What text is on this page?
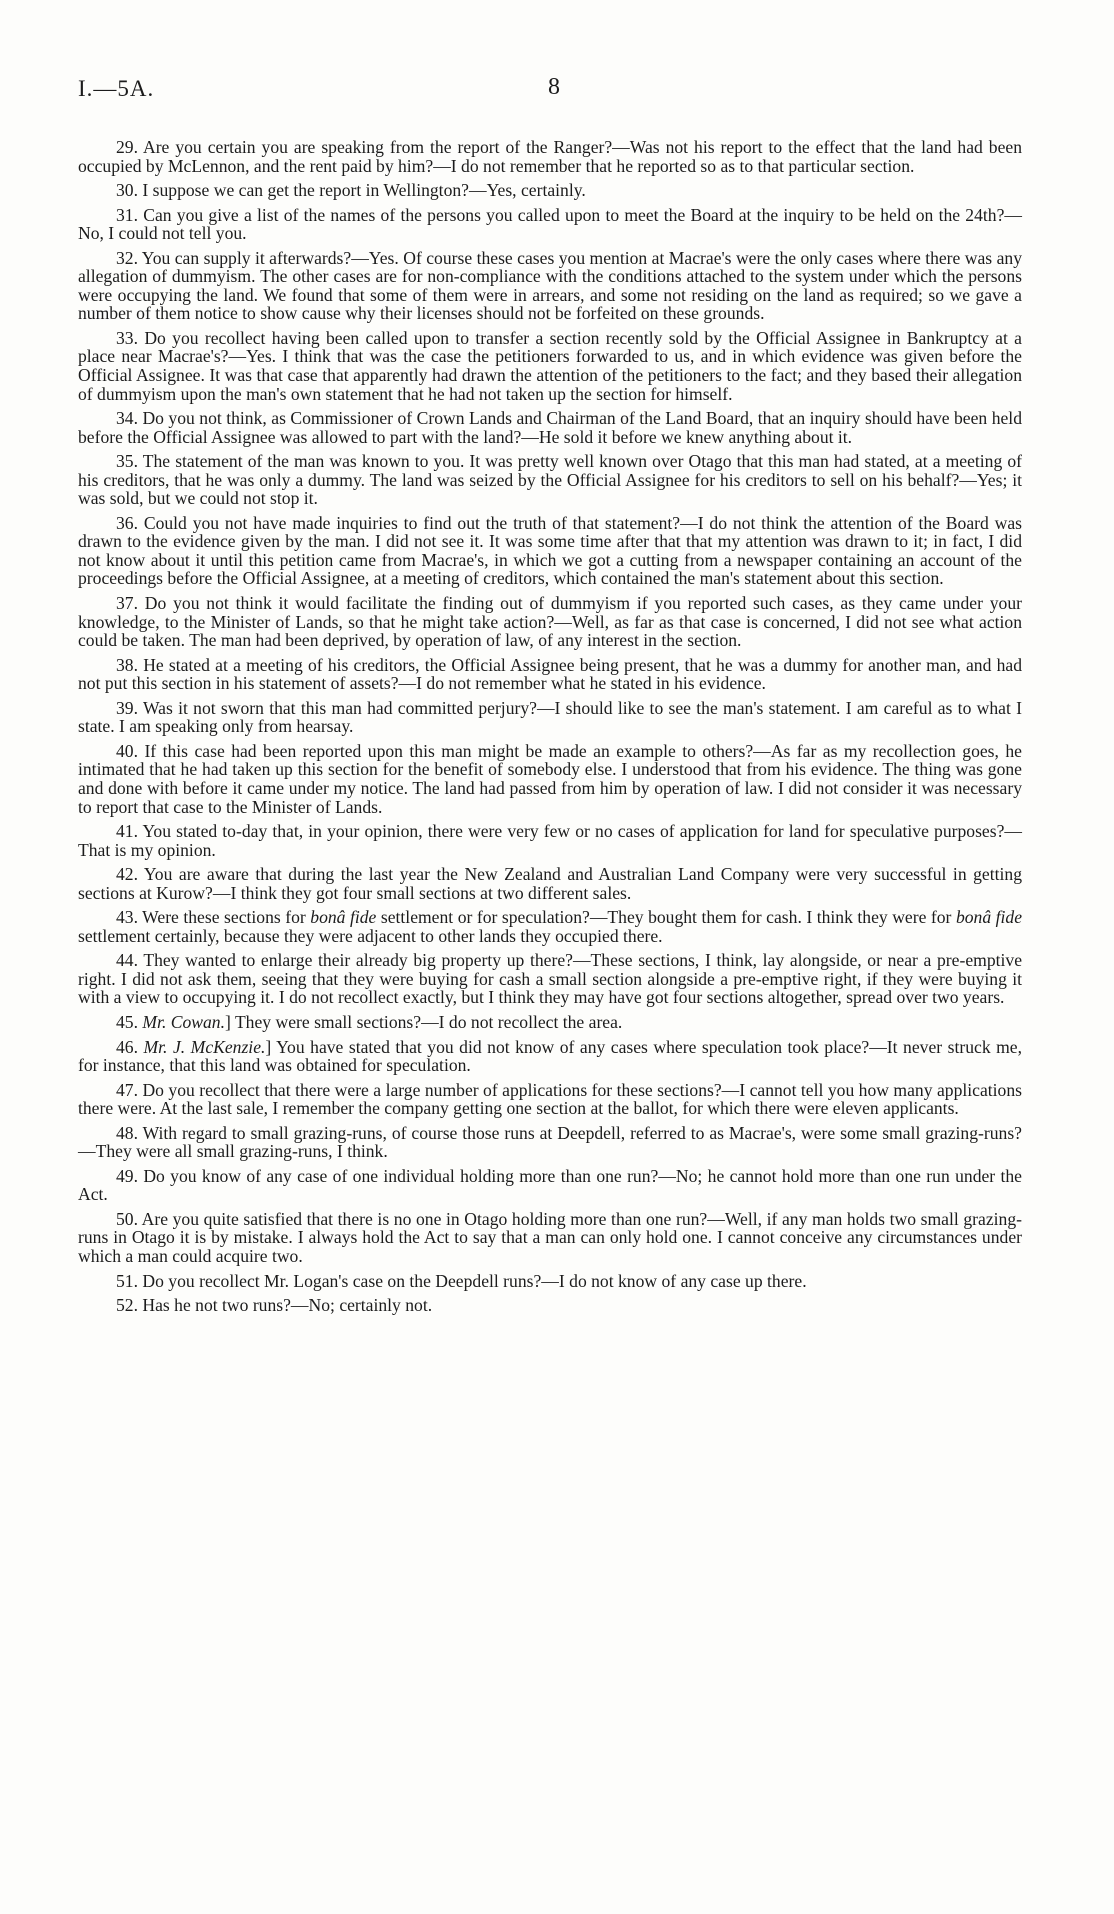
I.—5A.	8

29. Are you certain you are speaking from the report of the Ranger?—Was not his report to the effect that the land had been occupied by McLennon, and the rent paid by him?—I do not remember that he reported so as to that particular section.

30. I suppose we can get the report in Wellington?—Yes, certainly.

31. Can you give a list of the names of the persons you called upon to meet the Board at the inquiry to be held on the 24th?—No, I could not tell you.

32. You can supply it afterwards?—Yes. Of course these cases you mention at Macrae's were the only cases where there was any allegation of dummyism. The other cases are for non-compliance with the conditions attached to the system under which the persons were occupying the land. We found that some of them were in arrears, and some not residing on the land as required; so we gave a number of them notice to show cause why their licenses should not be forfeited on these grounds.

33. Do you recollect having been called upon to transfer a section recently sold by the Official Assignee in Bankruptcy at a place near Macrae's?—Yes. I think that was the case the petitioners forwarded to us, and in which evidence was given before the Official Assignee. It was that case that apparently had drawn the attention of the petitioners to the fact; and they based their allegation of dummyism upon the man's own statement that he had not taken up the section for himself.

34. Do you not think, as Commissioner of Crown Lands and Chairman of the Land Board, that an inquiry should have been held before the Official Assignee was allowed to part with the land?—He sold it before we knew anything about it.

35. The statement of the man was known to you. It was pretty well known over Otago that this man had stated, at a meeting of his creditors, that he was only a dummy. The land was seized by the Official Assignee for his creditors to sell on his behalf?—Yes; it was sold, but we could not stop it.

36. Could you not have made inquiries to find out the truth of that statement?—I do not think the attention of the Board was drawn to the evidence given by the man. I did not see it. It was some time after that that my attention was drawn to it; in fact, I did not know about it until this petition came from Macrae's, in which we got a cutting from a newspaper containing an account of the proceedings before the Official Assignee, at a meeting of creditors, which contained the man's statement about this section.

37. Do you not think it would facilitate the finding out of dummyism if you reported such cases, as they came under your knowledge, to the Minister of Lands, so that he might take action?—Well, as far as that case is concerned, I did not see what action could be taken. The man had been deprived, by operation of law, of any interest in the section.

38. He stated at a meeting of his creditors, the Official Assignee being present, that he was a dummy for another man, and had not put this section in his statement of assets?—I do not remember what he stated in his evidence.

39. Was it not sworn that this man had committed perjury?—I should like to see the man's statement. I am careful as to what I state. I am speaking only from hearsay.

40. If this case had been reported upon this man might be made an example to others?—As far as my recollection goes, he intimated that he had taken up this section for the benefit of somebody else. I understood that from his evidence. The thing was gone and done with before it came under my notice. The land had passed from him by operation of law. I did not consider it was necessary to report that case to the Minister of Lands.

41. You stated to-day that, in your opinion, there were very few or no cases of application for land for speculative purposes?—That is my opinion.

42. You are aware that during the last year the New Zealand and Australian Land Company were very successful in getting sections at Kurow?—I think they got four small sections at two different sales.

43. Were these sections for bonâ fide settlement or for speculation?—They bought them for cash. I think they were for bonâ fide settlement certainly, because they were adjacent to other lands they occupied there.

44. They wanted to enlarge their already big property up there?—These sections, I think, lay alongside, or near a pre-emptive right. I did not ask them, seeing that they were buying for cash a small section alongside a pre-emptive right, if they were buying it with a view to occupying it. I do not recollect exactly, but I think they may have got four sections altogether, spread over two years.

45. Mr. Cowan.] They were small sections?—I do not recollect the area.

46. Mr. J. McKenzie.] You have stated that you did not know of any cases where speculation took place?—It never struck me, for instance, that this land was obtained for speculation.

47. Do you recollect that there were a large number of applications for these sections?—I cannot tell you how many applications there were. At the last sale, I remember the company getting one section at the ballot, for which there were eleven applicants.

48. With regard to small grazing-runs, of course those runs at Deepdell, referred to as Macrae's, were some small grazing-runs?—They were all small grazing-runs, I think.

49. Do you know of any case of one individual holding more than one run?—No; he cannot hold more than one run under the Act.

50. Are you quite satisfied that there is no one in Otago holding more than one run?—Well, if any man holds two small grazing-runs in Otago it is by mistake. I always hold the Act to say that a man can only hold one. I cannot conceive any circumstances under which a man could acquire two.

51. Do you recollect Mr. Logan's case on the Deepdell runs?—I do not know of any case up there.

52. Has he not two runs?—No; certainly not.
